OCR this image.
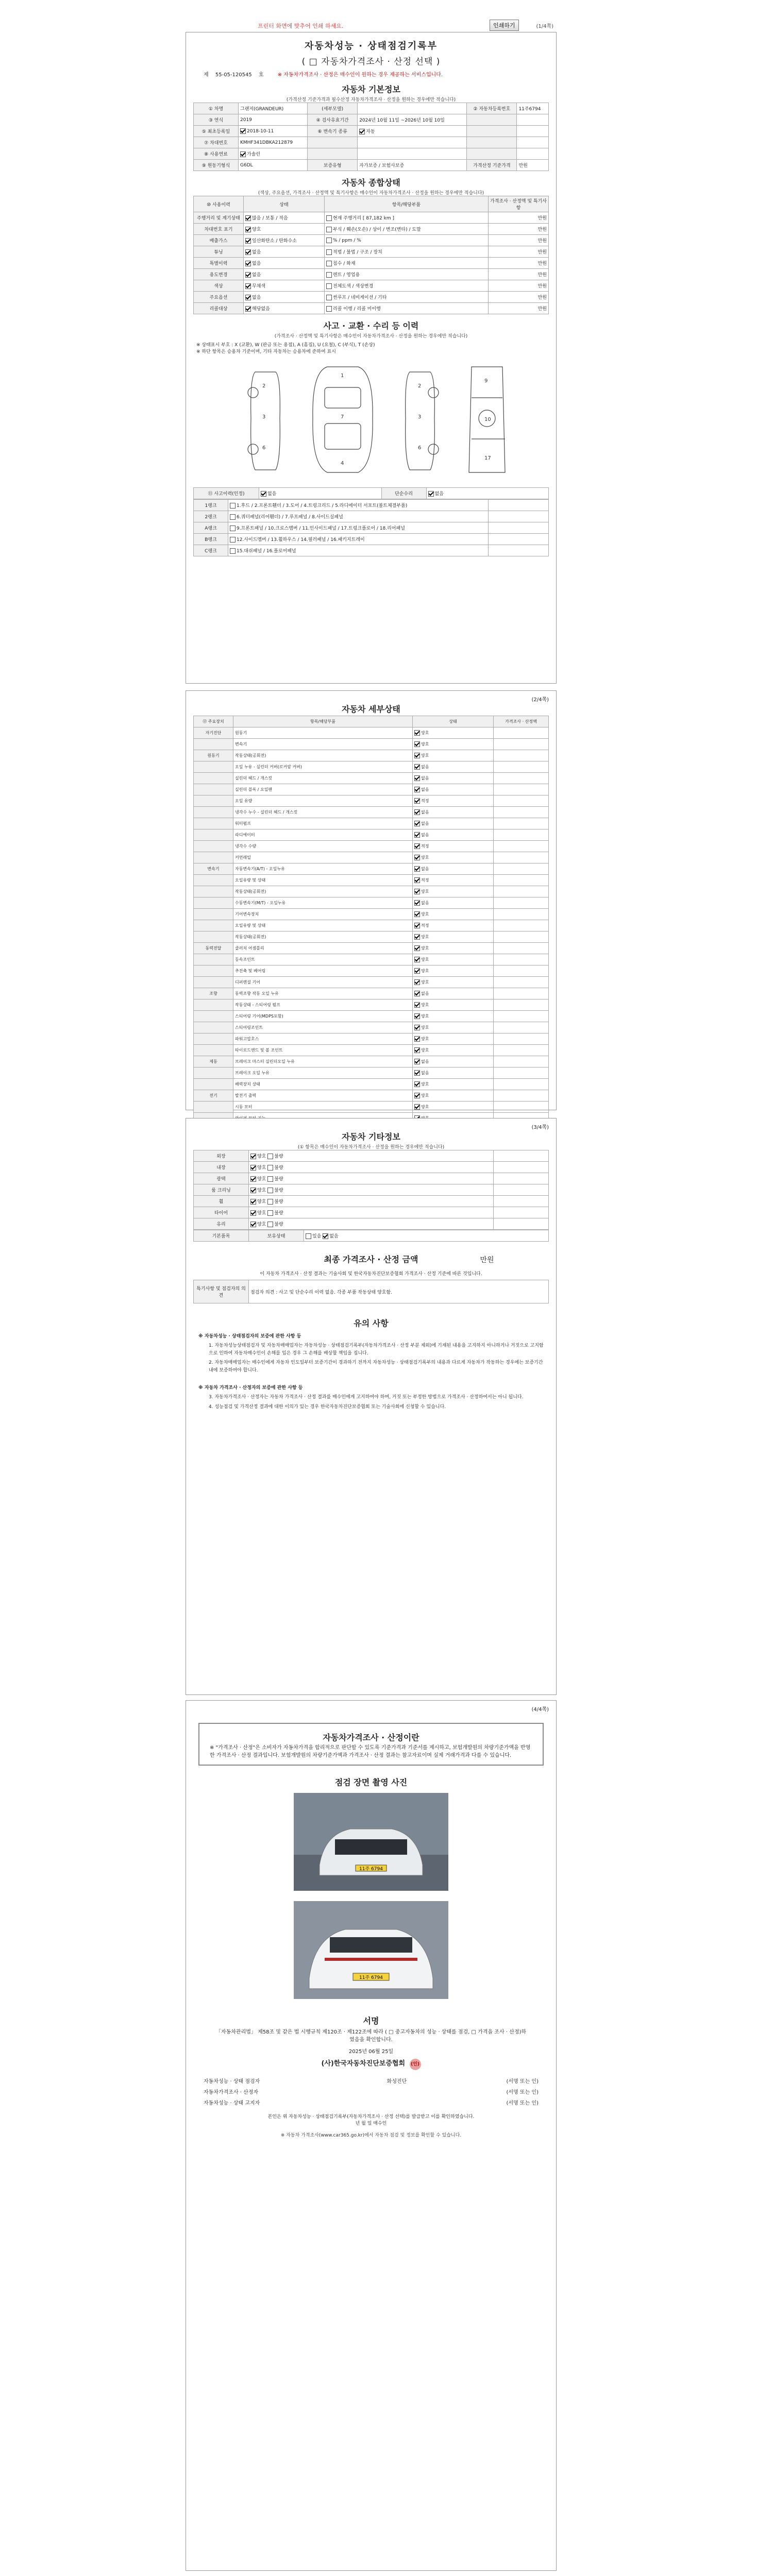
프린터 화면에 맞추어 인쇄 하세요.	인쇄하기	(1/4쪽)
자동차성능 · 상태점검기록부
( □ 자동차가격조사 · 산정 선택 )
제 55-05-120545 호	※ 자동차가격조사 · 산정은 매수인이 원하는 경우 제공하는 서비스입니다.
자동차 기본정보
(가격산정 기준가격과 필수산정 자동차가격조사 · 산정을 원하는 경우에만 적습니다)
① 차명	그랜저(GRANDEUR)	(세부모델)		② 자동차등록번호	11주6794
③ 연식	2019	④ 검사유효기간	2024년 10월 11일 ~2026년 10월 10일		
⑤ 최초등록일	2018-10-11	⑥ 변속기 종류	자동		
⑦ 차대번호	KMHF341DBKA212879				
⑧ 사용연료	가솔린				
⑨ 원동기형식	G6DL	보증유형	자가보증 / 보험사보증	가격산정 기준가격	만원
자동차 종합상태
(색상, 주요옵션, 가격조사 · 산정액 및 특기사항은 매수인이 자동차가격조사 · 산정을 원하는 경우에만 적습니다)
⑩ 사용이력	상태	항목/해당부품	가격조사 · 산정액 및 특기사항
주행거리 및 계기상태	많음 / 보통 / 적음	현재 주행거리 [ 87,182 km ]	만원
차대번호 표기	양호	부식 / 훼손(오손) / 상이 / 변조(변타) / 도말	만원
배출가스	일산화탄소 / 탄화수소	% / ppm / %	만원
튜닝	없음	적법 / 불법 / 구조 / 장치	만원
특별이력	없음	침수 / 화재	만원
용도변경	없음	렌트 / 영업용	만원
색상	무채색	전체도색 / 색상변경	만원
주요옵션	없음	썬루프 / 네비게이션 / 기타	만원
리콜대상	해당없음	리콜 이행 / 리콜 미이행	만원
사고 · 교환 · 수리 등 이력
(가격조사 · 산정액 및 특기사항은 매수인이 자동차가격조사 · 산정을 원하는 경우에만 적습니다)
※ 상태표시 부호 : X (교환), W (판금 또는 용접), A (흠집), U (요철), C (부식), T (손상)
※ 하단 항목은 승용차 기준이며, 기타 자동차는 승용차에 준하여 표시
2
3
6
1
7
4
2
3
6
9
10
17
⑪ 사고이력(인정)	없음	단순수리	없음
1랭크	1.후드 / 2.프론트휀더 / 3.도어 / 4.트렁크리드 / 5.라디에이터 서포트(볼트체결부품)	
2랭크	6.쿼터패널(리어휀더) / 7.루프패널 / 8.사이드실패널	
A랭크	9.프론트패널 / 10.크로스멤버 / 11.인사이드패널 / 17.트렁크플로어 / 18.리어패널	
B랭크	12.사이드멤버 / 13.휠하우스 / 14.필러패널 / 16.패키지트레이	
C랭크	15.대쉬패널 / 16.플로어패널	
(2/4쪽)
자동차 세부상태
⑫ 주요장치	항목/해당부품	상태	가격조사 · 산정액
자기진단	원동기	양호	
	변속기	양호	
원동기	작동상태(공회전)	양호	
	오일 누유 - 실린더 커버(로커암 커버)	없음	
	실린더 헤드 / 개스킷	없음	
	실린더 블록 / 오일팬	없음	
	오일 유량	적정	
	냉각수 누수 - 실린더 헤드 / 개스킷	없음	
	워터펌프	없음	
	라디에이터	없음	
	냉각수 수량	적정	
	커먼레일	양호	
변속기	자동변속기(A/T) - 오일누유	없음	
	오일유량 및 상태	적정	
	작동상태(공회전)	양호	
	수동변속기(M/T) - 오일누유	없음	
	기어변속장치	양호	
	오일유량 및 상태	적정	
	작동상태(공회전)	양호	
동력전달	클러치 어셈블리	양호	
	등속조인트	양호	
	추진축 및 베어링	양호	
	디퍼렌셜 기어	양호	
조향	동력조향 작동 오일 누유	없음	
	작동상태 - 스티어링 펌프	양호	
	스티어링 기어(MDPS포함)	양호	
	스티어링조인트	양호	
	파워고압호스	양호	
	타이로드엔드 및 볼 조인트	양호	
제동	브레이크 마스터 실린더오일 누유	없음	
	브레이크 오일 누유	없음	
	배력장치 상태	양호	
전기	발전기 출력	양호	
	시동 모터	양호	

(3/4쪽)
자동차 기타정보
(① 항목은 매수인이 자동차가격조사 · 산정을 원하는 경우에만 적습니다)
외장	양호 불량	
내장	양호 불량	
광택	양호 불량	
룸 크리닝	양호 불량	
휠	양호 불량	
타이어	양호 불량	
유리	양호 불량	
기본품목	보유상태	있음 없음
최종 가격조사 · 산정 금액	만원
이 자동차 가격조사 · 산정 결과는 기술사회 및 한국자동차진단보증협회 가격조사 · 산정 기준에 따른 것입니다.
특기사항 및 점검자의 의견	점검자 의견 : 사고 및 단순수리 이력 없음. 각종 부품 작동상태 양호함.
유의 사항
※ 자동차성능 · 상태점검자의 보증에 관한 사항 등

1. 자동차성능상태점검자 및 자동차매매업자는 자동차성능 · 상태점검기록부(자동차가격조사 · 산정 부분 제외)에 기재된 내용을 고지하지 아니하거나 거짓으로 고지함으로 인하여 자동차매수인이 손해를 입은 경우 그 손해를 배상할 책임을 집니다.

2. 자동차매매업자는 매수인에게 자동차 인도일부터 보증기간이 경과하기 전까지 자동차성능 · 상태점검기록부의 내용과 다르게 자동차가 작동하는 경우에는 보증기간 내에 보증하여야 합니다.

※ 자동차 가격조사 · 산정자의 보증에 관한 사항 등

3. 자동차가격조사 · 산정자는 자동차 가격조사 · 산정 결과를 매수인에게 고지하여야 하며, 거짓 또는 부정한 방법으로 가격조사 · 산정하여서는 아니 됩니다.

4. 성능점검 및 가격산정 결과에 대한 이의가 있는 경우 한국자동차진단보증협회 또는 기술사회에 신청할 수 있습니다.

(4/4쪽)
자동차가격조사 · 산정이란
※ "가격조사 · 산정"은 소비자가 자동차가격을 합리적으로 판단할 수 있도록 기준가격과 기준서를 제시하고, 보험개발원의 차량기준가액을 반영한 가격조사 · 산정 결과입니다. 보험개발원의 차량기준가액과 가격조사 · 산정 결과는 참고자료이며 실제 거래가격과 다를 수 있습니다.
점검 장면 촬영 사진
11주 6794
11주 6794
서명
「자동차관리법」 제58조 및 같은 법 시행규칙 제120조 · 제122조에 따라 ( □ 중고자동차의 성능 · 상태를 점검, □ 가격을 조사 · 산정)하였음을 확인합니다.
2025년 06월 25일
(사)한국자동차진단보증협회 (인)
자동차성능 · 상태 점검자	화성진단	(서명 또는 인)
자동차가격조사 · 산정자	(서명 또는 인)
자동차성능 · 상태 고지자	(서명 또는 인)
본인은 위 자동차성능 · 상태점검기록부(자동차가격조사 · 산정 선택)를 발급받고 이를 확인하였습니다.
년 월 일 매수인
※ 자동차 가격조사(www.car365.go.kr)에서 자동차 점검 및 정보를 확인할 수 있습니다.
